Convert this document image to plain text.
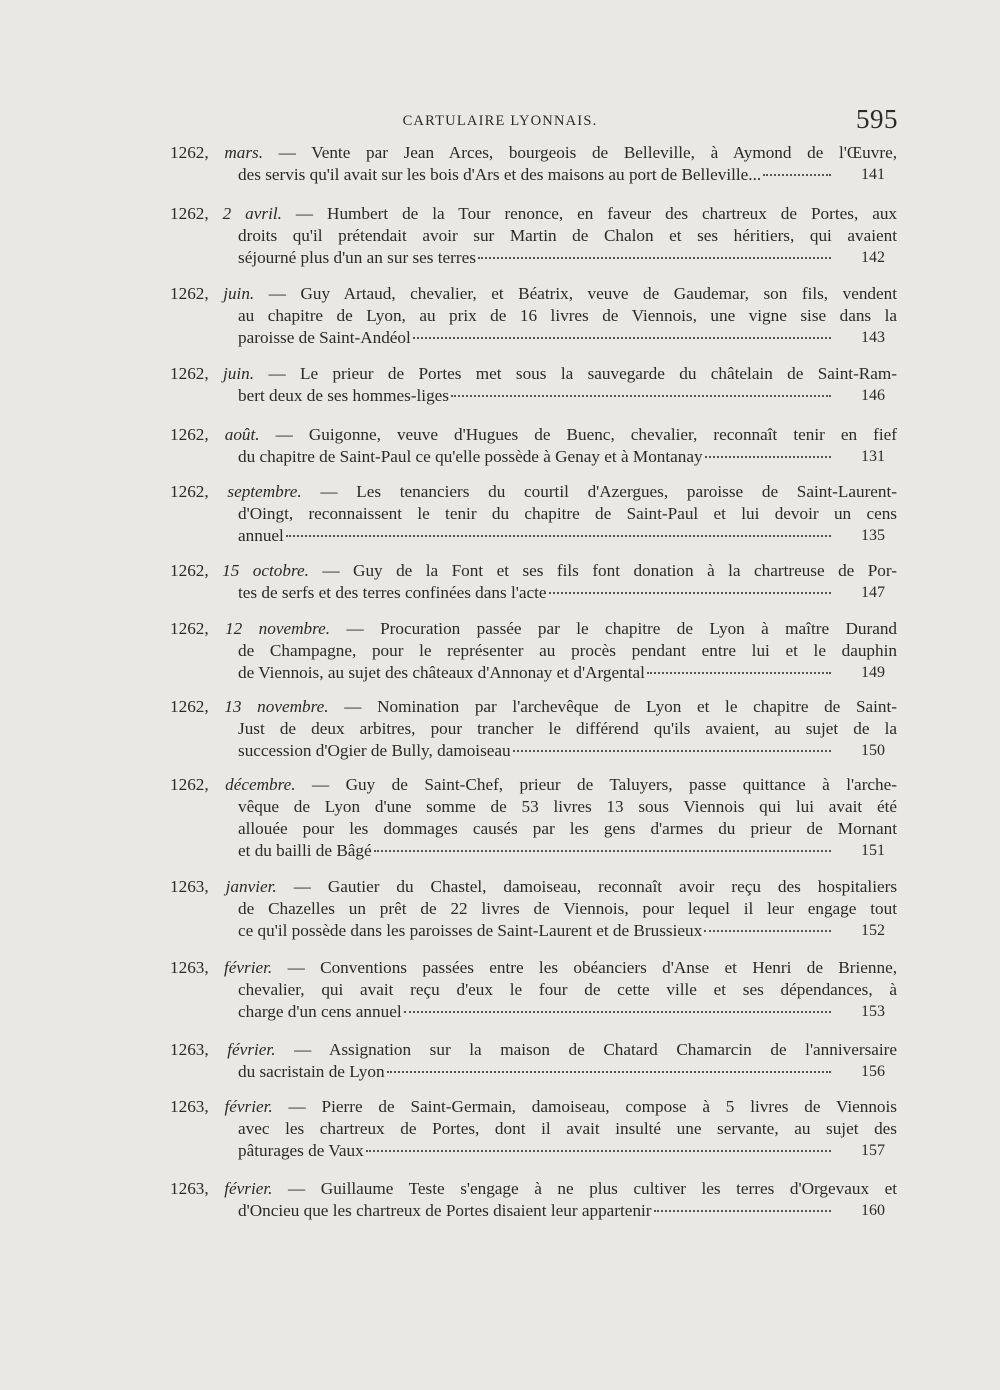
CARTULAIRE LYONNAIS.	595
1262, mars. — Vente par Jean Arces, bourgeois de Belleville, à Aymond de l'Œuvre,
des servis qu'il avait sur les bois d'Ars et des maisons au port de Belleville...	141
1262, 2 avril. — Humbert de la Tour renonce, en faveur des chartreux de Portes, aux
droits qu'il prétendait avoir sur Martin de Chalon et ses héritiers, qui avaient
séjourné plus d'un an sur ses terres	142
1262, juin. — Guy Artaud, chevalier, et Béatrix, veuve de Gaudemar, son fils, vendent
au chapitre de Lyon, au prix de 16 livres de Viennois, une vigne sise dans la
paroisse de Saint-Andéol	143
1262, juin. — Le prieur de Portes met sous la sauvegarde du châtelain de Saint-Ram-
bert deux de ses hommes-liges	146
1262, août. — Guigonne, veuve d'Hugues de Buenc, chevalier, reconnaît tenir en fief
du chapitre de Saint-Paul ce qu'elle possède à Genay et à Montanay	131
1262, septembre. — Les tenanciers du courtil d'Azergues, paroisse de Saint-Laurent-
d'Oingt, reconnaissent le tenir du chapitre de Saint-Paul et lui devoir un cens
annuel	135
1262, 15 octobre. — Guy de la Font et ses fils font donation à la chartreuse de Por-
tes de serfs et des terres confinées dans l'acte	147
1262, 12 novembre. — Procuration passée par le chapitre de Lyon à maître Durand
de Champagne, pour le représenter au procès pendant entre lui et le dauphin
de Viennois, au sujet des châteaux d'Annonay et d'Argental	149
1262, 13 novembre. — Nomination par l'archevêque de Lyon et le chapitre de Saint-
Just de deux arbitres, pour trancher le différend qu'ils avaient, au sujet de la
succession d'Ogier de Bully, damoiseau	150
1262, décembre. — Guy de Saint-Chef, prieur de Taluyers, passe quittance à l'arche-
vêque de Lyon d'une somme de 53 livres 13 sous Viennois qui lui avait été
allouée pour les dommages causés par les gens d'armes du prieur de Mornant
et du bailli de Bâgé	151
1263, janvier. — Gautier du Chastel, damoiseau, reconnaît avoir reçu des hospitaliers
de Chazelles un prêt de 22 livres de Viennois, pour lequel il leur engage tout
ce qu'il possède dans les paroisses de Saint-Laurent et de Brussieux	152
1263, février. — Conventions passées entre les obéanciers d'Anse et Henri de Brienne,
chevalier, qui avait reçu d'eux le four de cette ville et ses dépendances, à
charge d'un cens annuel	153
1263, février. — Assignation sur la maison de Chatard Chamarcin de l'anniversaire
du sacristain de Lyon	156
1263, février. — Pierre de Saint-Germain, damoiseau, compose à 5 livres de Viennois
avec les chartreux de Portes, dont il avait insulté une servante, au sujet des
pâturages de Vaux	157
1263, février. — Guillaume Teste s'engage à ne plus cultiver les terres d'Orgevaux et
d'Oncieu que les chartreux de Portes disaient leur appartenir	160
